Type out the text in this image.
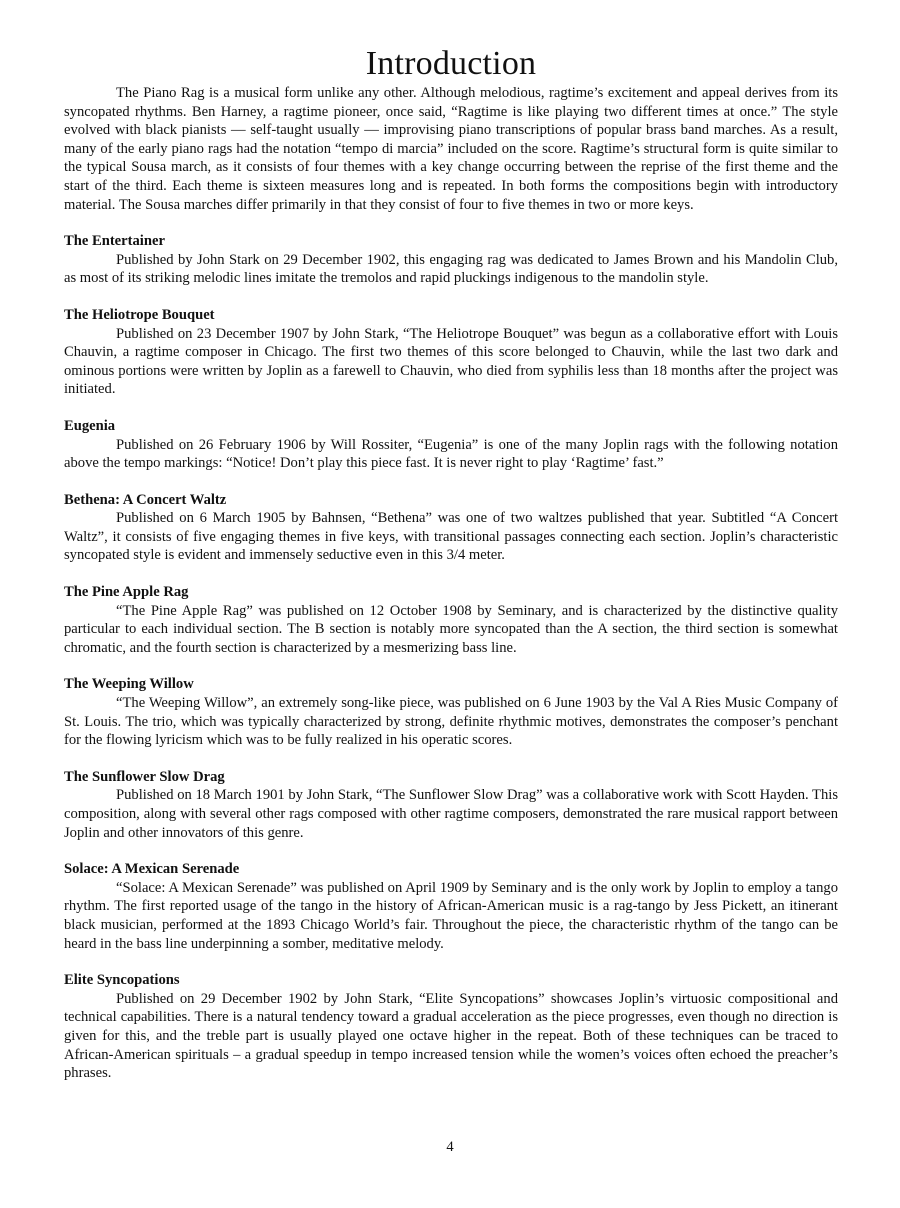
Introduction

The Piano Rag is a musical form unlike any other. Although melodious, ragtime’s excitement and appeal derives from its syncopated rhythms. Ben Harney, a ragtime pioneer, once said, “Ragtime is like playing two different times at once.” The style evolved with black pianists — self-taught usually — improvising piano transcriptions of popular brass band marches. As a result, many of the early piano rags had the notation “tempo di marcia” included on the score. Ragtime’s structural form is quite similar to the typical Sousa march, as it consists of four themes with a key change occurring between the reprise of the first theme and the start of the third. Each theme is sixteen measures long and is repeated. In both forms the compositions begin with introductory material. The Sousa marches differ primarily in that they consist of four to five themes in two or more keys.

The Entertainer

Published by John Stark on 29 December 1902, this engaging rag was dedicated to James Brown and his Mandolin Club, as most of its striking melodic lines imitate the tremolos and rapid pluckings indigenous to the mandolin style.

The Heliotrope Bouquet

Published on 23 December 1907 by John Stark, “The Heliotrope Bouquet” was begun as a collaborative effort with Louis Chauvin, a ragtime composer in Chicago. The first two themes of this score belonged to Chauvin, while the last two dark and ominous portions were written by Joplin as a farewell to Chauvin, who died from syphilis less than 18 months after the project was initiated.

Eugenia

Published on 26 February 1906 by Will Rossiter, “Eugenia” is one of the many Joplin rags with the following notation above the tempo markings: “Notice! Don’t play this piece fast. It is never right to play ‘Ragtime’ fast.”

Bethena: A Concert Waltz

Published on 6 March 1905 by Bahnsen, “Bethena” was one of two waltzes published that year. Subtitled “A Concert Waltz”, it consists of five engaging themes in five keys, with transitional passages connecting each section. Joplin’s characteristic syncopated style is evident and immensely seductive even in this 3/4 meter.

The Pine Apple Rag

“The Pine Apple Rag” was published on 12 October 1908 by Seminary, and is characterized by the distinctive quality particular to each individual section. The B section is notably more syncopated than the A section, the third section is somewhat chromatic, and the fourth section is characterized by a mesmerizing bass line.

The Weeping Willow

“The Weeping Willow”, an extremely song-like piece, was published on 6 June 1903 by the Val A Ries Music Company of St. Louis. The trio, which was typically characterized by strong, definite rhythmic motives, demonstrates the composer’s penchant for the flowing lyricism which was to be fully realized in his operatic scores.

The Sunflower Slow Drag

Published on 18 March 1901 by John Stark, “The Sunflower Slow Drag” was a collaborative work with Scott Hayden. This composition, along with several other rags composed with other ragtime composers, demonstrated the rare musical rapport between Joplin and other innovators of this genre.

Solace: A Mexican Serenade

“Solace: A Mexican Serenade” was published on April 1909 by Seminary and is the only work by Joplin to employ a tango rhythm. The first reported usage of the tango in the history of African-American music is a rag-tango by Jess Pickett, an itinerant black musician, performed at the 1893 Chicago World’s fair. Throughout the piece, the characteristic rhythm of the tango can be heard in the bass line underpinning a somber, meditative melody.

Elite Syncopations

Published on 29 December 1902 by John Stark, “Elite Syncopations” showcases Joplin’s virtuosic compositional and technical capabilities. There is a natural tendency toward a gradual acceleration as the piece progresses, even though no direction is given for this, and the treble part is usually played one octave higher in the repeat. Both of these techniques can be traced to African-American spirituals – a gradual speedup in tempo increased tension while the women’s voices often echoed the preacher’s phrases.

4
